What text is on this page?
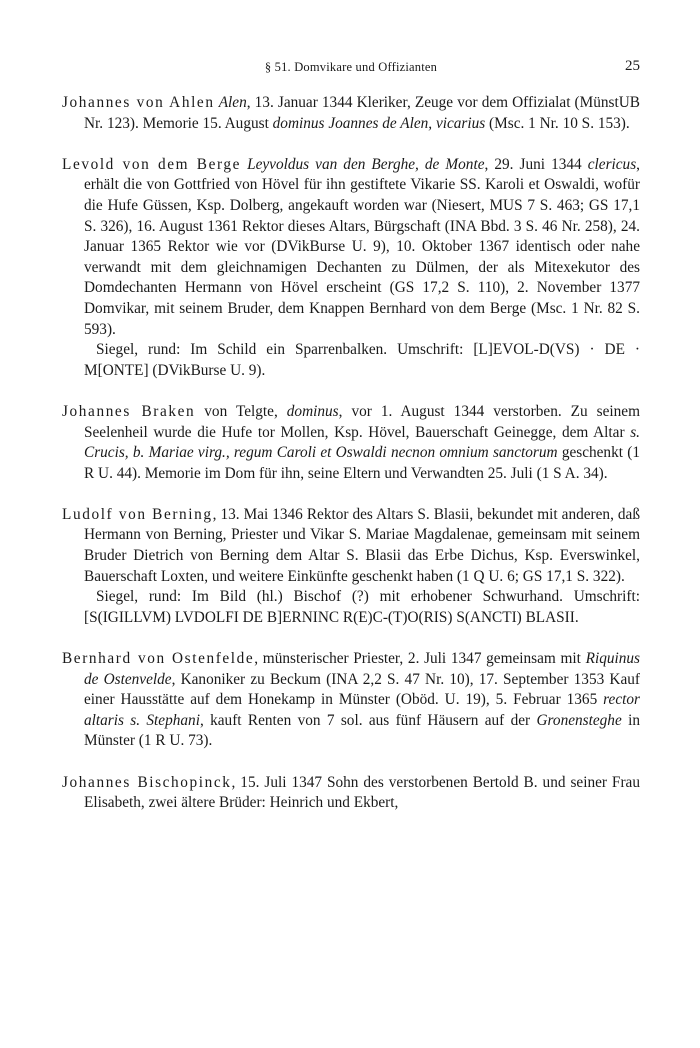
§ 51. Domvikare und Offizianten	25

Johannes von Ahlen Alen, 13. Januar 1344 Kleriker, Zeuge vor dem Offizialat (MünstUB Nr. 123). Memorie 15. August dominus Joannes de Alen, vicarius (Msc. 1 Nr. 10 S. 153).

Levold von dem Berge Leyvoldus van den Berghe, de Monte, 29. Juni 1344 clericus, erhält die von Gottfried von Hövel für ihn gestiftete Vikarie SS. Karoli et Oswaldi, wofür die Hufe Güssen, Ksp. Dolberg, angekauft worden war (Niesert, MUS 7 S. 463; GS 17,1 S. 326), 16. August 1361 Rektor dieses Altars, Bürgschaft (INA Bbd. 3 S. 46 Nr. 258), 24. Januar 1365 Rektor wie vor (DVikBurse U. 9), 10. Oktober 1367 identisch oder nahe verwandt mit dem gleichnamigen Dechanten zu Dülmen, der als Mitexekutor des Domdechanten Hermann von Hövel erscheint (GS 17,2 S. 110), 2. November 1377 Domvikar, mit seinem Bruder, dem Knappen Bernhard von dem Berge (Msc. 1 Nr. 82 S. 593).

Siegel, rund: Im Schild ein Sparrenbalken. Umschrift: [L]EVOL-D(VS) · DE · M[ONTE] (DVikBurse U. 9).

Johannes Braken von Telgte, dominus, vor 1. August 1344 verstorben. Zu seinem Seelenheil wurde die Hufe tor Mollen, Ksp. Hövel, Bauerschaft Geinegge, dem Altar s. Crucis, b. Mariae virg., regum Caroli et Oswaldi necnon omnium sanctorum geschenkt (1 R U. 44). Memorie im Dom für ihn, seine Eltern und Verwandten 25. Juli (1 S A. 34).

Ludolf von Berning, 13. Mai 1346 Rektor des Altars S. Blasii, bekundet mit anderen, daß Hermann von Berning, Priester und Vikar S. Mariae Magdalenae, gemeinsam mit seinem Bruder Dietrich von Berning dem Altar S. Blasii das Erbe Dichus, Ksp. Everswinkel, Bauerschaft Loxten, und weitere Einkünfte geschenkt haben (1 Q U. 6; GS 17,1 S. 322).

Siegel, rund: Im Bild (hl.) Bischof (?) mit erhobener Schwurhand. Umschrift: [S(IGILLVM) LVDOLFI DE B]ERNINC R(E)C-(T)O(RIS) S(ANCTI) BLASII.

Bernhard von Ostenfelde, münsterischer Priester, 2. Juli 1347 gemeinsam mit Riquinus de Ostenvelde, Kanoniker zu Beckum (INA 2,2 S. 47 Nr. 10), 17. September 1353 Kauf einer Hausstätte auf dem Honekamp in Münster (Oböd. U. 19), 5. Februar 1365 rector altaris s. Stephani, kauft Renten von 7 sol. aus fünf Häusern auf der Gronensteghe in Münster (1 R U. 73).

Johannes Bischopinck, 15. Juli 1347 Sohn des verstorbenen Bertold B. und seiner Frau Elisabeth, zwei ältere Brüder: Heinrich und Ekbert,
